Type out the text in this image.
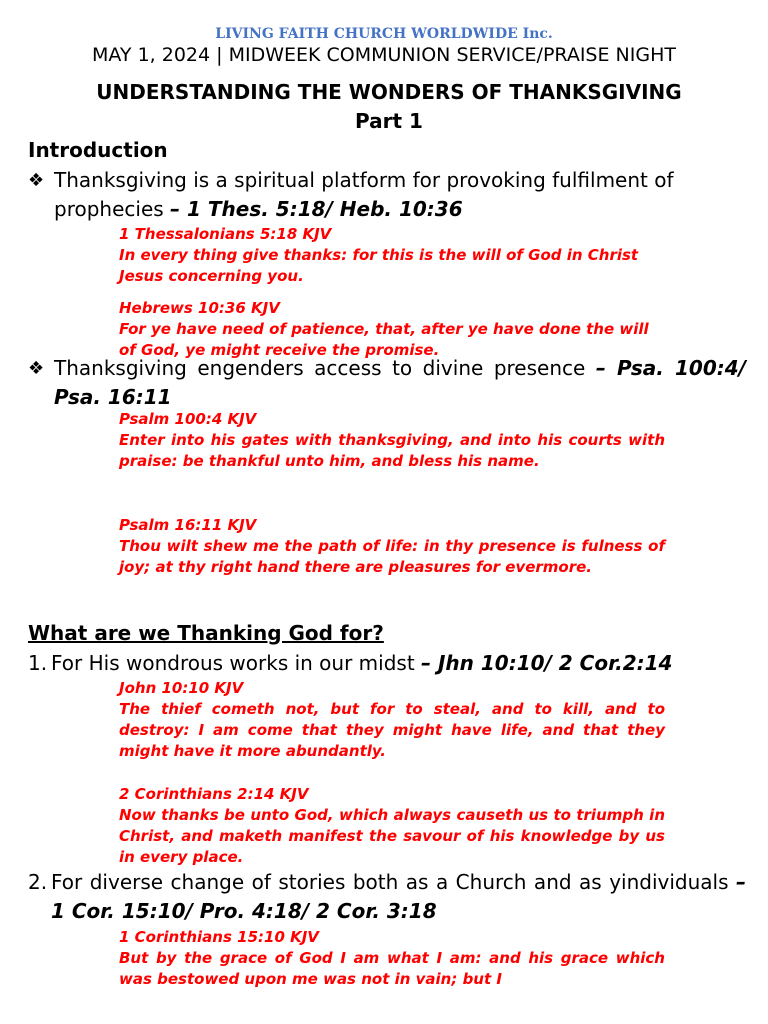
LIVING FAITH CHURCH WORLDWIDE Inc.
MAY 1, 2024 | MIDWEEK COMMUNION SERVICE/PRAISE NIGHT
UNDERSTANDING THE WONDERS OF THANKSGIVING
Part 1
Introduction
❖ Thanksgiving is a spiritual platform for provoking fulfilment of prophecies – 1 Thes. 5:18/ Heb. 10:36
1 Thessalonians 5:18 KJV
In every thing give thanks: for this is the will of God in Christ Jesus concerning you.
Hebrews 10:36 KJV
For ye have need of patience, that, after ye have done the will of God, ye might receive the promise.
❖ Thanksgiving engenders access to divine presence – Psa. 100:4/ Psa. 16:11
Psalm 100:4 KJV
Enter into his gates with thanksgiving, and into his courts with praise: be thankful unto him, and bless his name.
Psalm 16:11 KJV
Thou wilt shew me the path of life: in thy presence is fulness of joy; at thy right hand there are pleasures for evermore.
What are we Thanking God for?
1. For His wondrous works in our midst – Jhn 10:10/ 2 Cor.2:14
John 10:10 KJV
The thief cometh not, but for to steal, and to kill, and to destroy: I am come that they might have life, and that they might have it more abundantly.
2 Corinthians 2:14 KJV
Now thanks be unto God, which always causeth us to triumph in Christ, and maketh manifest the savour of his knowledge by us in every place.
2. For diverse change of stories both as a Church and as yindividuals – 1 Cor. 15:10/ Pro. 4:18/ 2 Cor. 3:18
1 Corinthians 15:10 KJV
But by the grace of God I am what I am: and his grace which was bestowed upon me was not in vain; but I
